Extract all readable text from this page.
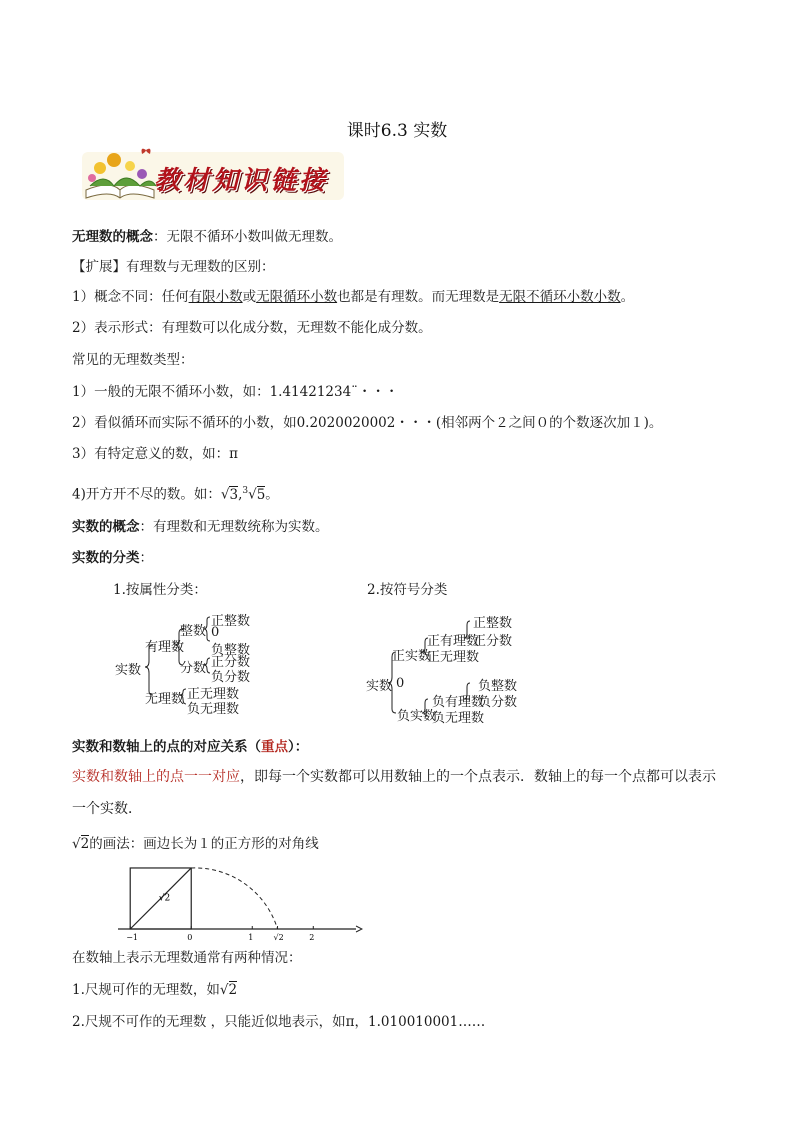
课时6.3 实数
教材知识链接
无理数的概念：无限不循环小数叫做无理数。
【扩展】有理数与无理数的区别：
1）概念不同：任何有限小数或无限循环小数也都是有理数。而无理数是无限不循环小数小数。
2）表示形式：有理数可以化成分数，无理数不能化成分数。
常见的无理数类型：
1）一般的无限不循环小数，如：1.41421234¨・・・
2）看似循环而实际不循环的小数，如0.2020020002・・・(相邻两个２之间０的个数逐次加１)。
3）有特定意义的数，如：π
4)开方开不尽的数。如：√3,$^3$√5。
实数的概念：有理数和无理数统称为实数。
实数的分类：
1.按属性分类：
实数
有理数
整数
正整数
0
负整数
分数 正分数
负分数
无理数 正无理数
负无理数
2.按符号分类
实数
正实数
正有理数
正整数
正分数
正无理数
0
负实数
负有理数
负整数
负分数
负无理数
实数和数轴上的点的对应关系（重点）：
实数和数轴上的点一一对应，即每一个实数都可以用数轴上的一个点表示．数轴上的每一个点都可以表示
一个实数．
√2的画法：画边长为１的正方形的对角线
−1	0	√2
1	2
√2
在数轴上表示无理数通常有两种情况：
1.尺规可作的无理数，如√2
2.尺规不可作的无理数 ，只能近似地表示，如π，1.010010001……
